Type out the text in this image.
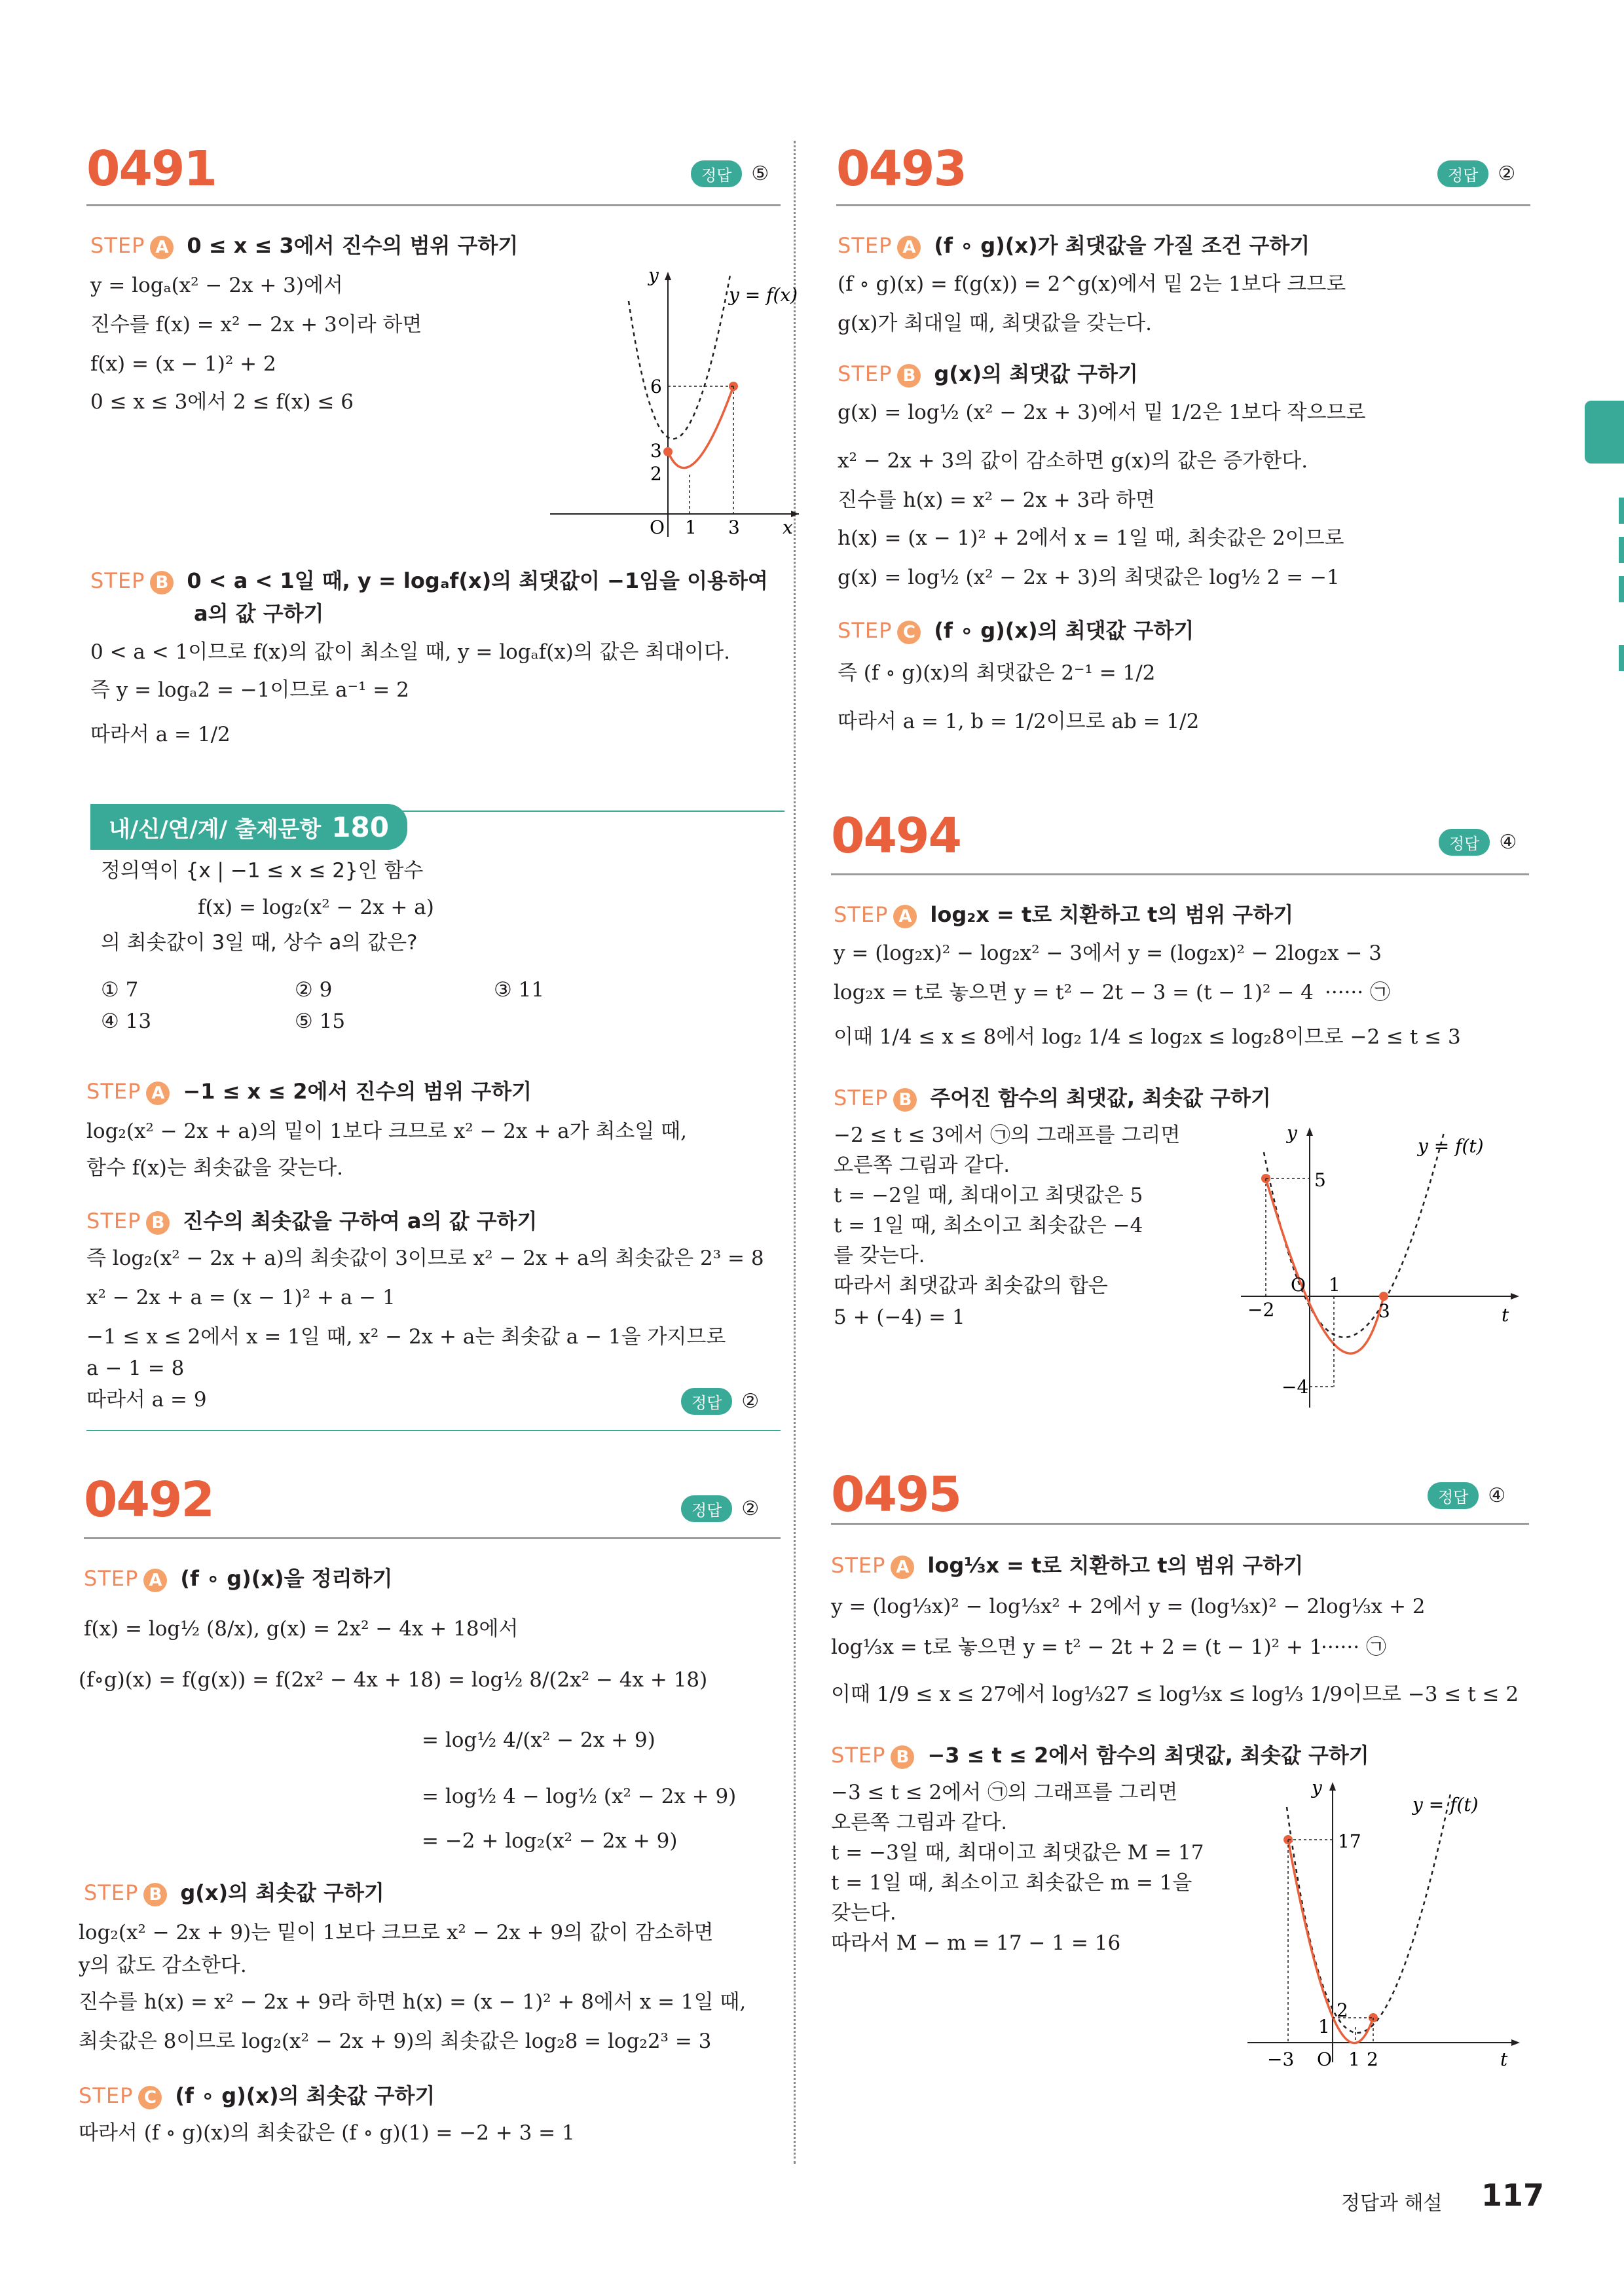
0491	정답	⑤
STEP A 0 ≤ x ≤ 3에서 진수의 범위 구하기
y = logₐ(x² − 2x + 3)에서
진수를 f(x) = x² − 2x + 3이라 하면
f(x) = (x − 1)² + 2
0 ≤ x ≤ 3에서 2 ≤ f(x) ≤ 6
y
x
y = f(x)
O
6
3
2
1 3
STEP B 0 < a < 1일 때, y = logₐf(x)의 최댓값이 −1임을 이용하여
a의 값 구하기
0 < a < 1이므로 f(x)의 값이 최소일 때, y = logₐf(x)의 값은 최대이다.
즉 y = logₐ2 = −1이므로 a⁻¹ = 2
따라서 a = 1/2
내/신/연/계/ 출제문항 180
정의역이 {x | −1 ≤ x ≤ 2}인 함수
f(x) = log₂(x² − 2x + a)
의 최솟값이 3일 때, 상수 a의 값은?
① 7	② 9	③ 11
④ 13	⑤ 15
STEP A −1 ≤ x ≤ 2에서 진수의 범위 구하기
log₂(x² − 2x + a)의 밑이 1보다 크므로 x² − 2x + a가 최소일 때,
함수 f(x)는 최솟값을 갖는다.
STEP B 진수의 최솟값을 구하여 a의 값 구하기
즉 log₂(x² − 2x + a)의 최솟값이 3이므로 x² − 2x + a의 최솟값은 2³ = 8
x² − 2x + a = (x − 1)² + a − 1
−1 ≤ x ≤ 2에서 x = 1일 때, x² − 2x + a는 최솟값 a − 1을 가지므로
a − 1 = 8
따라서 a = 9	정답	②
0492	정답	②
STEP A (f ∘ g)(x)을 정리하기
f(x) = log½ (8/x), g(x) = 2x² − 4x + 18에서
(f∘g)(x) = f(g(x)) = f(2x² − 4x + 18) = log½ 8/(2x² − 4x + 18)
= log½ 4/(x² − 2x + 9)
= log½ 4 − log½ (x² − 2x + 9)
= −2 + log₂(x² − 2x + 9)
STEP B g(x)의 최솟값 구하기
log₂(x² − 2x + 9)는 밑이 1보다 크므로 x² − 2x + 9의 값이 감소하면
y의 값도 감소한다.
진수를 h(x) = x² − 2x + 9라 하면 h(x) = (x − 1)² + 8에서 x = 1일 때,
최솟값은 8이므로 log₂(x² − 2x + 9)의 최솟값은 log₂8 = log₂2³ = 3
STEP C (f ∘ g)(x)의 최솟값 구하기
따라서 (f ∘ g)(x)의 최솟값은 (f ∘ g)(1) = −2 + 3 = 1
0493	정답	②
STEP A (f ∘ g)(x)가 최댓값을 가질 조건 구하기
(f ∘ g)(x) = f(g(x)) = 2^g(x)에서 밑 2는 1보다 크므로
g(x)가 최대일 때, 최댓값을 갖는다.
STEP B g(x)의 최댓값 구하기
g(x) = log½ (x² − 2x + 3)에서 밑 1/2은 1보다 작으므로
x² − 2x + 3의 값이 감소하면 g(x)의 값은 증가한다.
진수를 h(x) = x² − 2x + 3라 하면
h(x) = (x − 1)² + 2에서 x = 1일 때, 최솟값은 2이므로
g(x) = log½ (x² − 2x + 3)의 최댓값은 log½ 2 = −1
STEP C (f ∘ g)(x)의 최댓값 구하기
즉 (f ∘ g)(x)의 최댓값은 2⁻¹ = 1/2
따라서 a = 1, b = 1/2이므로 ab = 1/2
0494	정답	④
STEP A log₂x = t로 치환하고 t의 범위 구하기
y = (log₂x)² − log₂x² − 3에서 y = (log₂x)² − 2log₂x − 3
log₂x = t로 놓으면 y = t² − 2t − 3 = (t − 1)² − 4 ······ ㉠
이때 1/4 ≤ x ≤ 8에서 log₂ 1/4 ≤ log₂x ≤ log₂8이므로 −2 ≤ t ≤ 3
STEP B 주어진 함수의 최댓값, 최솟값 구하기
−2 ≤ t ≤ 3에서 ㉠의 그래프를 그리면
오른쪽 그림과 같다.
t = −2일 때, 최대이고 최댓값은 5
t = 1일 때, 최소이고 최솟값은 −4
를 갖는다.
따라서 최댓값과 최솟값의 합은
5 + (−4) = 1
y
t
y = f(t)
O
5
−4
−2
1
3
0495	정답	④
STEP A log⅓x = t로 치환하고 t의 범위 구하기
y = (log⅓x)² − log⅓x² + 2에서 y = (log⅓x)² − 2log⅓x + 2
log⅓x = t로 놓으면 y = t² − 2t + 2 = (t − 1)² + 1
······ ㉠
이때 1/9 ≤ x ≤ 27에서 log⅓27 ≤ log⅓x ≤ log⅓ 1/9이므로 −3 ≤ t ≤ 2
STEP B −3 ≤ t ≤ 2에서 함수의 최댓값, 최솟값 구하기
−3 ≤ t ≤ 2에서 ㉠의 그래프를 그리면
오른쪽 그림과 같다.
t = −3일 때, 최대이고 최댓값은 M = 17
t = 1일 때, 최소이고 최솟값은 m = 1을
갖는다.
따라서 M − m = 17 − 1 = 16
y
t
y = f(t)
O
17
2
1
−3	1 2
정답과 해설 117
